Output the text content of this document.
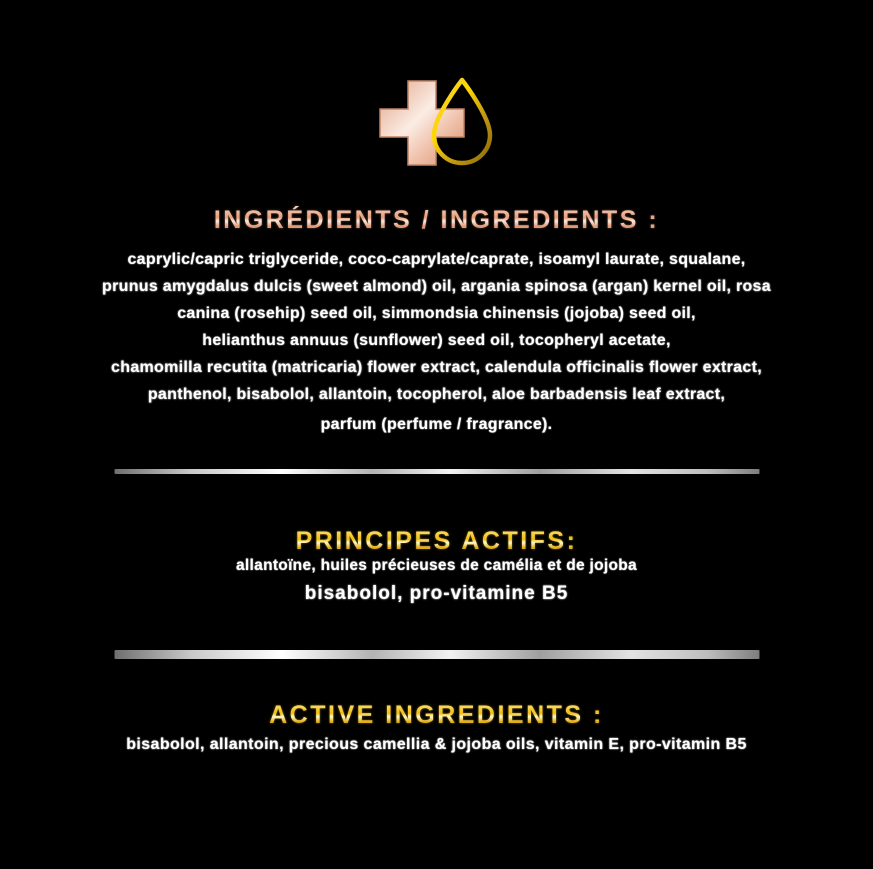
INGRÉDIENTS / INGREDIENTS :
caprylic/capric triglyceride, coco-caprylate/caprate, isoamyl laurate, squalane,
prunus amygdalus dulcis (sweet almond) oil, argania spinosa (argan) kernel oil, rosa
canina (rosehip) seed oil, simmondsia chinensis (jojoba) seed oil,
helianthus annuus (sunflower) seed oil, tocopheryl acetate,
chamomilla recutita (matricaria) flower extract, calendula officinalis flower extract,
panthenol, bisabolol, allantoin, tocopherol, aloe barbadensis leaf extract,
parfum (perfume / fragrance).
PRINCIPES ACTIFS:
allantoïne, huiles précieuses de camélia et de jojoba
bisabolol, pro-vitamine B5
ACTIVE INGREDIENTS :
bisabolol, allantoin, precious camellia & jojoba oils, vitamin E, pro-vitamin B5
